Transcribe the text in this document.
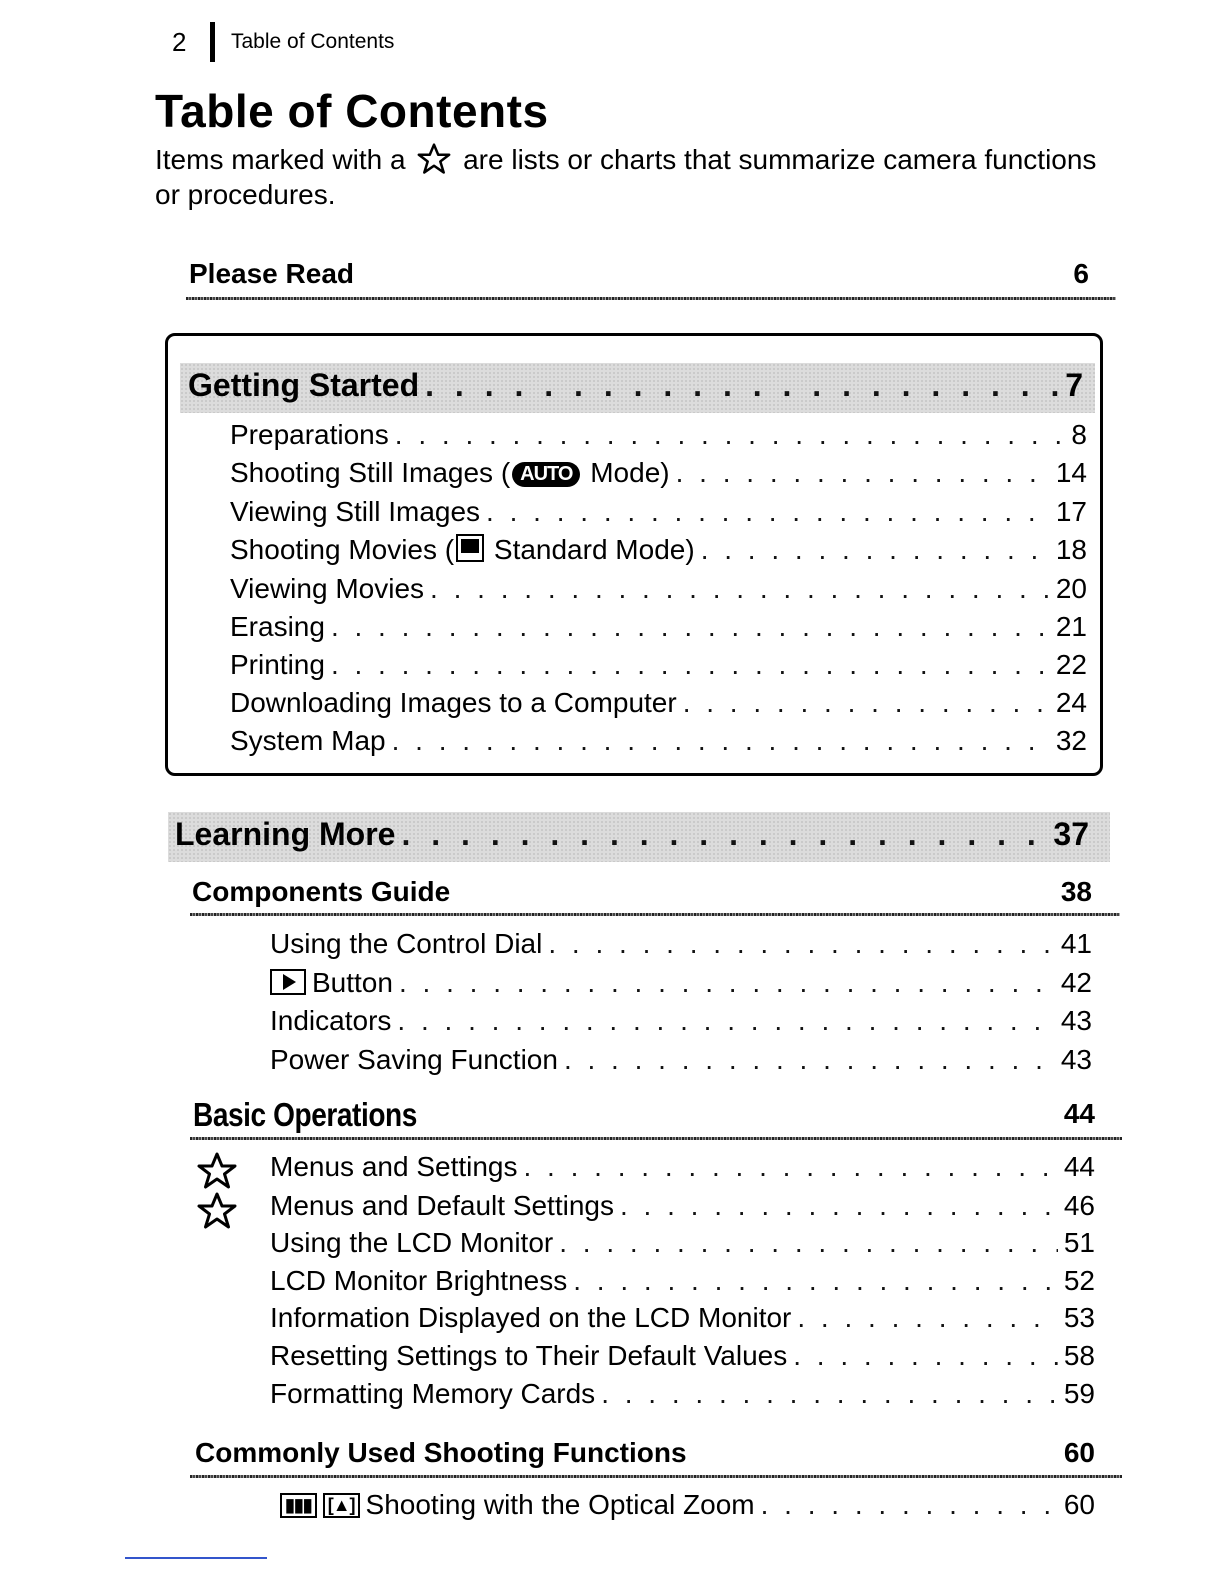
2	Table of Contents
Table of Contents

Items marked with a are lists or charts that summarize camera functions or procedures.

Please Read	6
Getting Started . . .	7
Preparations . . .	8
Shooting Still Images ( AUTO Mode) . . .	14
Viewing Still Images . . .	17
Shooting Movies ( Standard Mode) . . .	18
Viewing Movies . . .	20
Erasing . . .	21
Printing . . .	22
Downloading Images to a Computer . . .	24
System Map . . .	32
Learning More . . .	37
Components Guide	38
Using the Control Dial . . .	41
Button . . .	42
Indicators . . .	43
Power Saving Function . . .	43
Basic Operations	44
Menus and Settings . . .	44
Menus and Default Settings . . .	46
Using the LCD Monitor . . .	51
LCD Monitor Brightness . . .	52
Information Displayed on the LCD Monitor . . .	53
Resetting Settings to Their Default Values . . .	58
Formatting Memory Cards . . .	59
Commonly Used Shooting Functions	60
▮▮▮ [▲] Shooting with the Optical Zoom . . .	60
